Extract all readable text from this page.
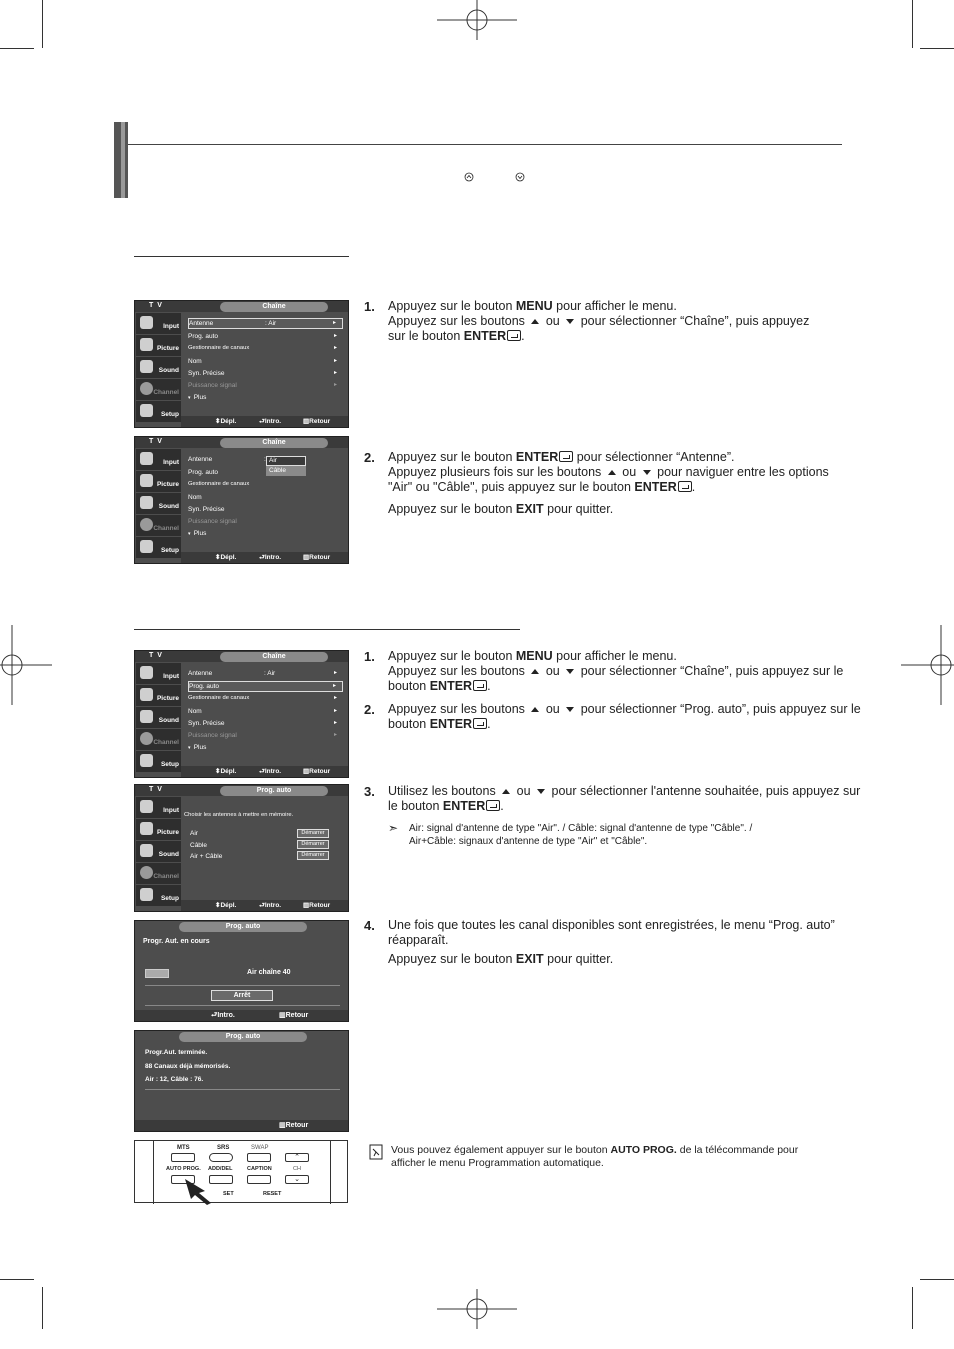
T V	Chaîne
Input
Picture
Sound
Channel
Setup
Antenne	: Air	▸
Prog. auto	▸
Gestionnaire de canaux	▸
Nom	▸
Syn. Précise	▸
Puissance signal	▸
▾  Plus
⬍ Dépl.	⮐ Intro.	▥ Retour
T V	Chaîne
Input
Picture
Sound
Channel
Setup
Antenne	: Air
Câble
Prog. auto
Gestionnaire de canaux
Nom
Syn. Précise
Puissance signal
▾  Plus
⬍ Dépl.	⮐ Intro.	▥ Retour
T V	Chaîne
Input
Picture
Sound
Channel
Setup
Antenne	: Air	▸
Prog. auto	▸
Gestionnaire de canaux	▸
Nom	▸
Syn. Précise	▸
Puissance signal	▸
▾  Plus
⬍ Dépl.	⮐ Intro.	▥ Retour
T V	Prog. auto
Input
Picture
Sound
Channel
Setup
Choisir les antennes à mettre en mémoire.
Air	Démarrer
Câble	Démarrer
Air + Câble	Démarrer
⬍ Dépl.	⮐ Intro.	▥ Retour
Prog. auto
Progr. Aut. en cours
Air chaîne 40
Arrêt
⮐ Intro.	▥ Retour
Prog. auto
Progr.Aut. terminée.
88 Canaux déjà mémorisés.
Air : 12, Câble : 76.
▥ Retour
MTS	SRS	SWAP
⌃
AUTO PROG. ADD/DEL	CAPTION	CH
⌄
SET	RESET
1. Appuyez sur le bouton MENU pour afficher le menu.
Appuyez sur les boutons  ou  pour sélectionner “Chaîne”, puis appuyez
sur le bouton ENTER .
2. Appuyez sur le bouton ENTER pour sélectionner “Antenne”.
Appuyez plusieurs fois sur les boutons  ou  pour naviguer entre les options
"Air" ou "Câble", puis appuyez sur le bouton ENTER .

Appuyez sur le bouton EXIT pour quitter.
1. Appuyez sur le bouton MENU pour afficher le menu.
Appuyez sur les boutons  ou  pour sélectionner “Chaîne”, puis appuyez sur le
bouton ENTER .
2. Appuyez sur les boutons  ou  pour sélectionner “Prog. auto”, puis appuyez sur le
bouton ENTER .
3. Utilisez les boutons  ou  pour sélectionner l'antenne souhaitée, puis appuyez sur
le bouton ENTER .
➣ Air: signal d'antenne de type "Air". / Câble: signal d'antenne de type "Câble". /
Air+Câble: signaux d'antenne de type "Air" et "Câble".
4. Une fois que toutes les canal disponibles sont enregistrées, le menu “Prog. auto”
réapparaît.

Appuyez sur le bouton EXIT pour quitter.
Vous pouvez également appuyer sur le bouton AUTO PROG. de la télécommande pour
afficher le menu Programmation automatique.
